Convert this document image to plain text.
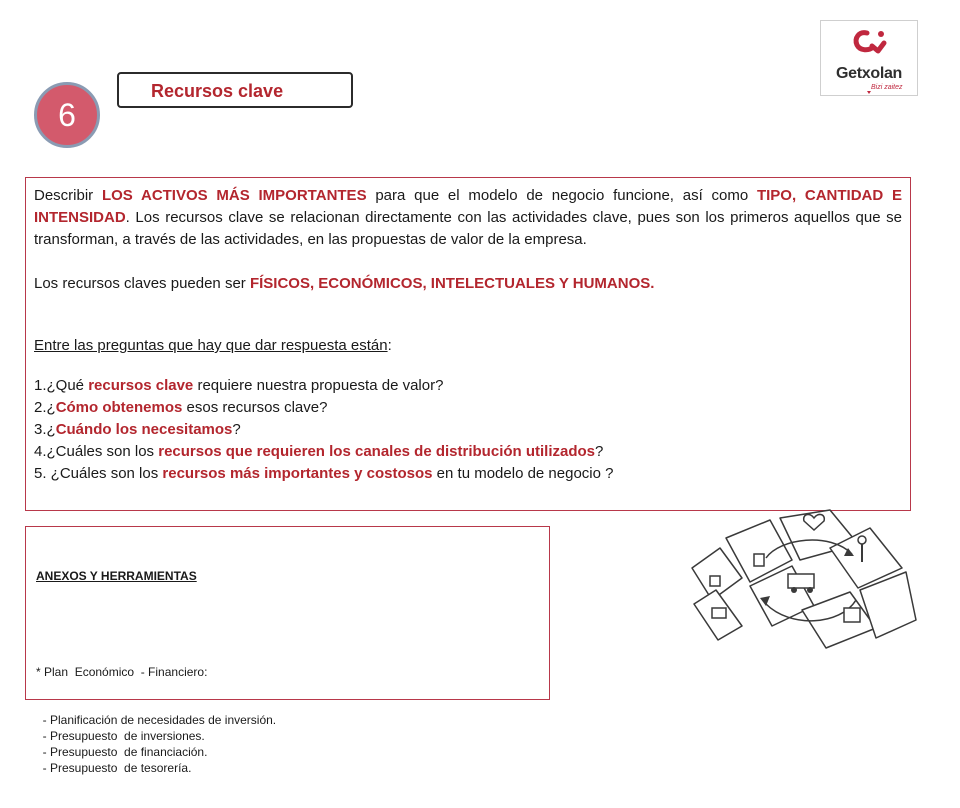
Getxolan
Bizi zaitez
6
Recursos clave

Describir LOS ACTIVOS MÁS IMPORTANTES para que el modelo de negocio funcione, así como TIPO, CANTIDAD E INTENSIDAD. Los recursos clave se relacionan directamente con las actividades clave, pues son los primeros aquellos que se transforman, a través de las actividades, en las propuestas de valor de la empresa.

Los recursos claves pueden ser FÍSICOS, ECONÓMICOS, INTELECTUALES Y HUMANOS.

Entre las preguntas que hay que dar respuesta están:

1.¿Qué recursos clave requiere nuestra propuesta de valor?

2.¿Cómo obtenemos esos recursos clave?

3.¿Cuándo los necesitamos?

4.¿Cuáles son los recursos que requieren los canales de distribución utilizados?

5. ¿Cuáles son los recursos más importantes y costosos en tu modelo de negocio ?

ANEXOS Y HERRAMIENTAS

* Plan  Económico  - Financiero:

- Planificación de necesidades de inversión.
- Presupuesto  de inversiones.
- Presupuesto  de financiación.
- Presupuesto  de tesorería.
